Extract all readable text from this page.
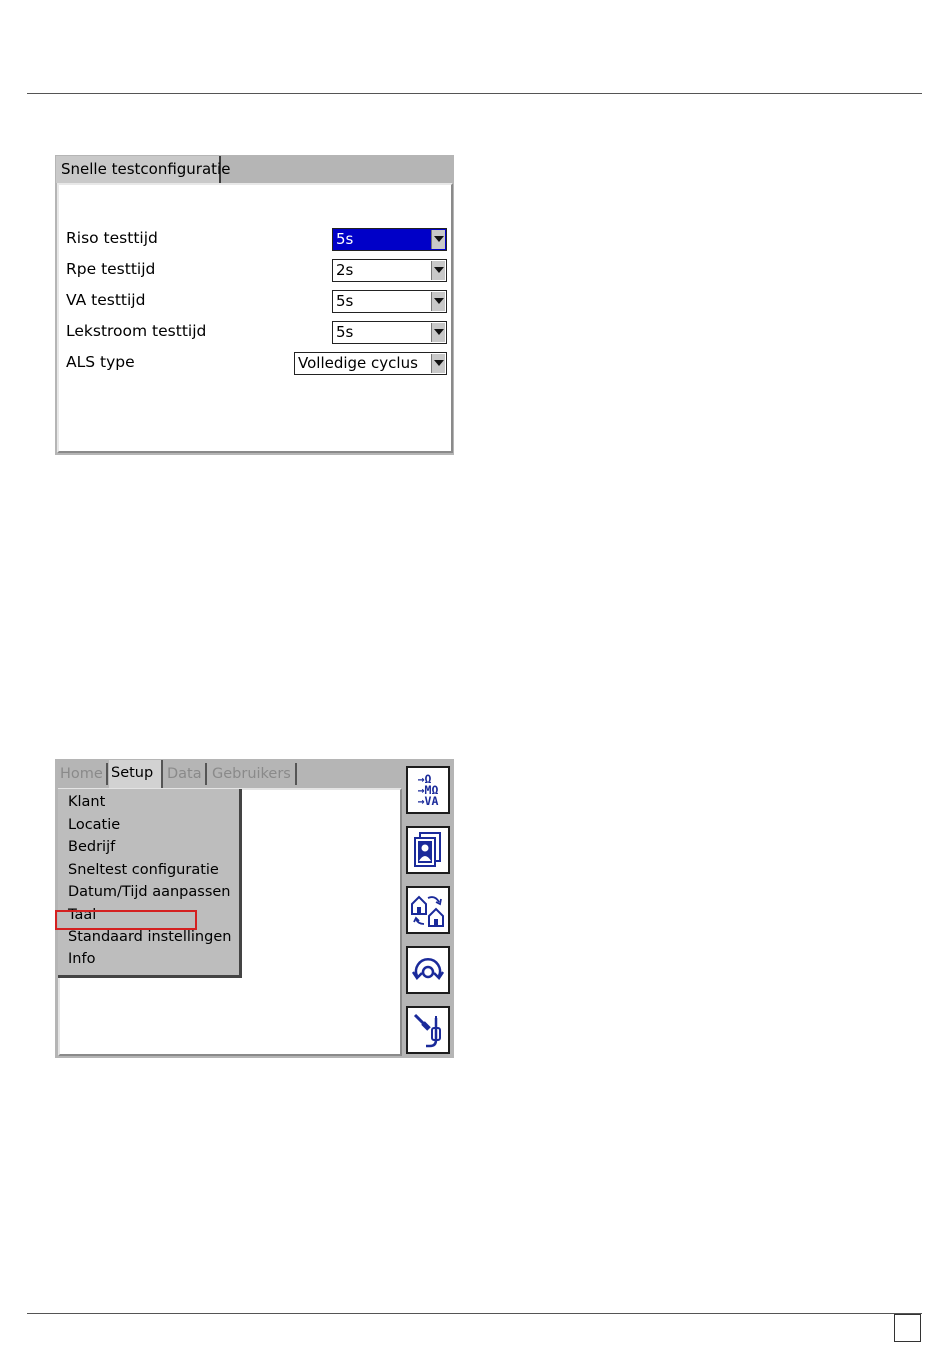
Snelle testconfiguratie
Riso testtijd	5s
Rpe testtijd	2s
VA testtijd	5s
Lekstroom testtijd	5s
ALS type	Volledige cyclus
Home Setup Data Gebruikers
Klant
Locatie
Bedrijf
Sneltest configuratie
Datum/Tijd aanpassen
Taal
Standaard instellingen
Info
→Ω
→MΩ
→VA
